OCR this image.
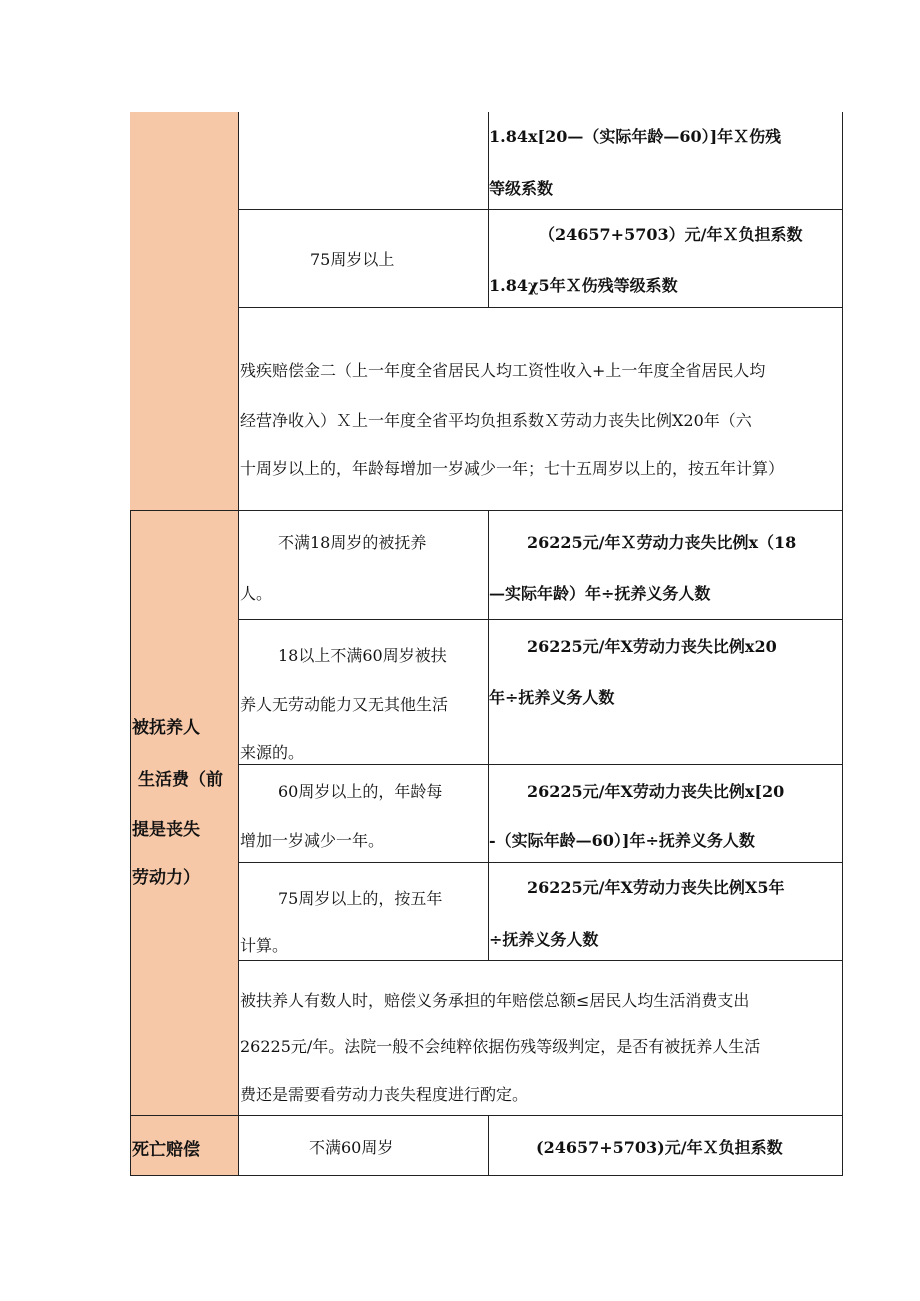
被抚养人
生活费（前
提是丧失
劳动力）
死亡赔偿
1.84x[20—（实际年龄—60）]年Ｘ伤残
等级系数
75周岁以上
（24657+5703）元/年Ｘ负担系数
1.84χ5年Ｘ伤残等级系数
残疾赔偿金二（上一年度全省居民人均工资性收入+上一年度全省居民人均
经营净收入）Ｘ上一年度全省平均负担系数Ｘ劳动力丧失比例X20年（六
十周岁以上的，年龄每增加一岁减少一年；七十五周岁以上的，按五年计算）
不满18周岁的被抚养
人。
26225元/年Ｘ劳动力丧失比例x（18
—实际年龄）年÷抚养义务人数
18以上不满60周岁被扶
养人无劳动能力又无其他生活
来源的。
26225元/年X劳动力丧失比例x20
年÷抚养义务人数
60周岁以上的，年龄每
增加一岁减少一年。
26225元/年X劳动力丧失比例x[20
-（实际年龄—60）]年÷抚养义务人数
75周岁以上的，按五年
计算。
26225元/年X劳动力丧失比例X5年
÷抚养义务人数
被扶养人有数人时，赔偿义务承担的年赔偿总额≤居民人均生活消费支出
26225元/年。法院一般不会纯粹依据伤残等级判定，是否有被抚养人生活
费还是需要看劳动力丧失程度进行酌定。
不满60周岁	(24657+5703)元/年Ｘ负担系数
